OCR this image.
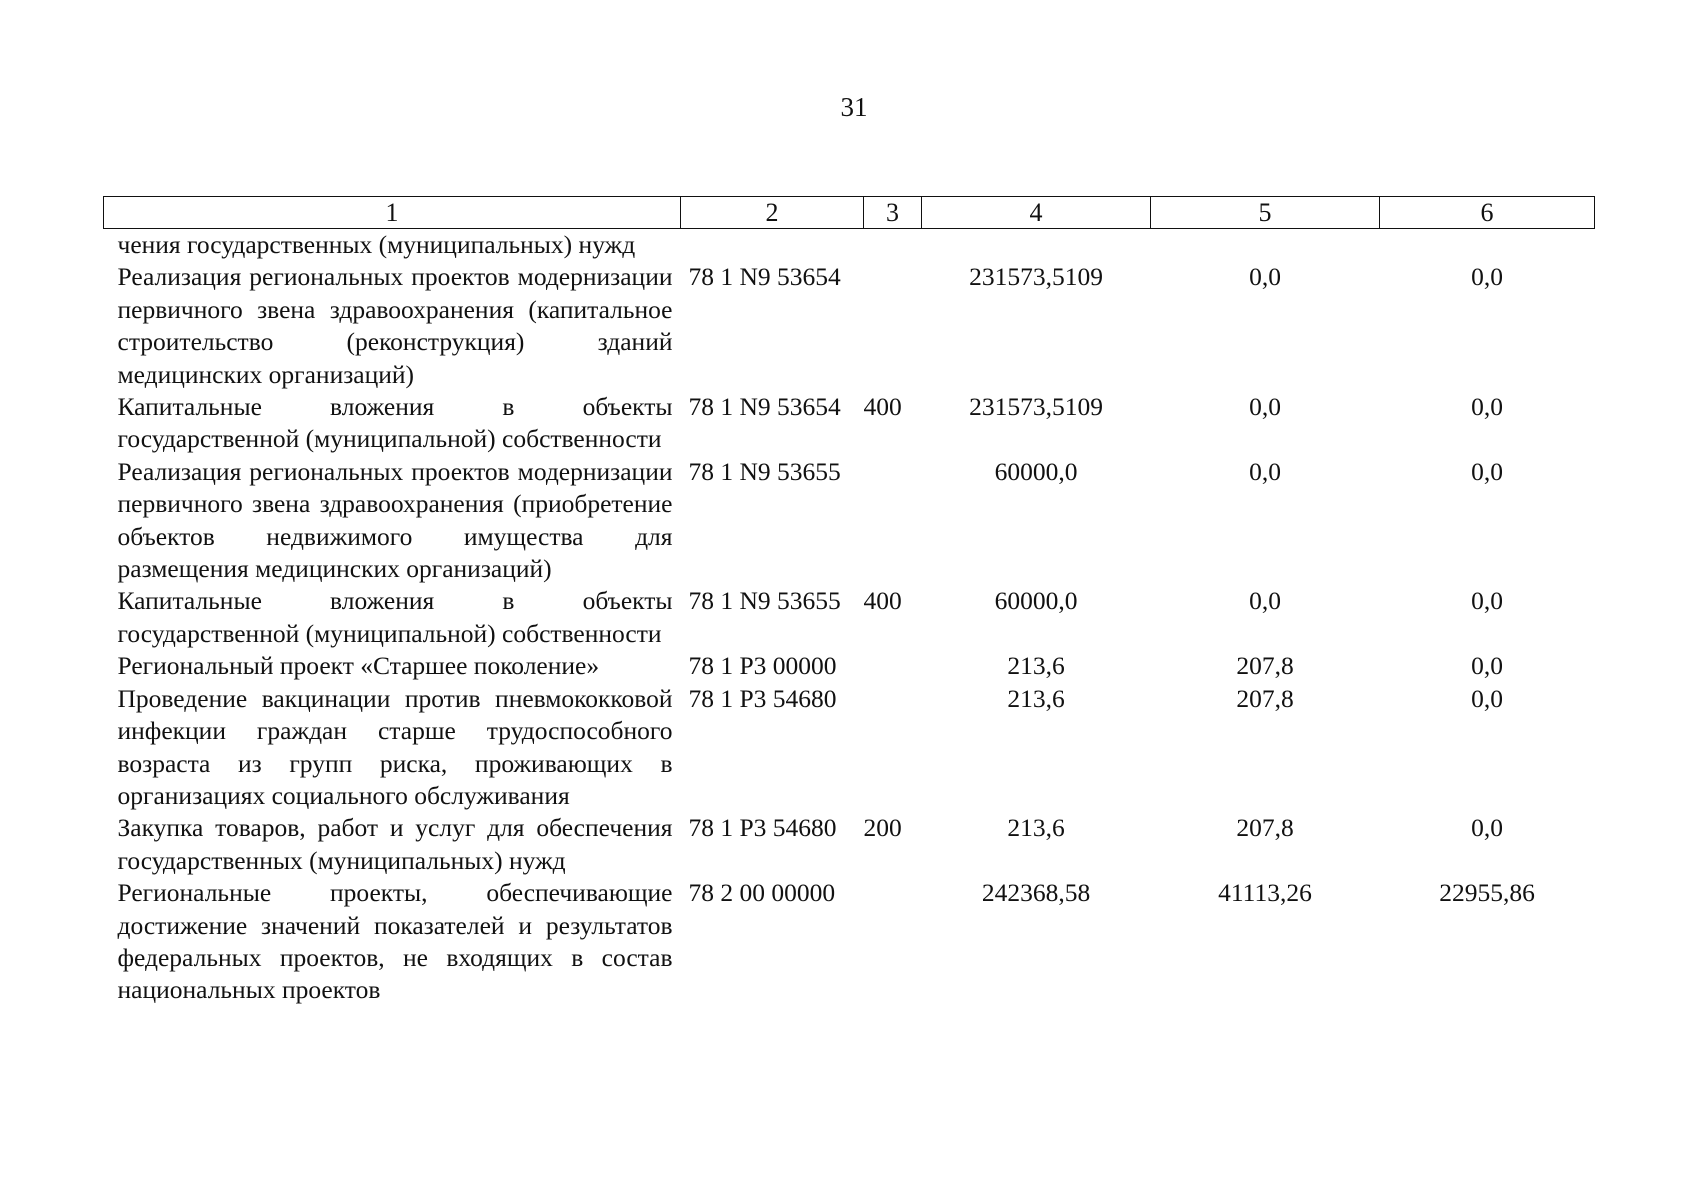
31
1	2	3	4	5	6
чения государственных (муниципальных) нужд					
Реализация региональных проектов модернизации первичного звена здравоохранения (капитальное строительство (реконструкция) зданий медицинских организаций)	78 1 N9 53654		231573,5109	0,0	0,0
Капитальные вложения в объекты государственной (муниципальной) собственности	78 1 N9 53654	400	231573,5109	0,0	0,0
Реализация региональных проектов модернизации первичного звена здравоохранения (приобретение объектов недвижимого имущества для размещения медицинских организаций)	78 1 N9 53655		60000,0	0,0	0,0
Капитальные вложения в объекты государственной (муниципальной) собственности	78 1 N9 53655	400	60000,0	0,0	0,0
Региональный проект «Старшее поколение»	78 1 P3 00000		213,6	207,8	0,0
Проведение вакцинации против пневмококковой инфекции граждан старше трудоспособного возраста из групп риска, проживающих в организациях социального обслуживания	78 1 P3 54680		213,6	207,8	0,0
Закупка товаров, работ и услуг для обеспечения государственных (муниципальных) нужд	78 1 P3 54680	200	213,6	207,8	0,0
Региональные проекты, обеспечивающие достижение значений показателей и результатов федеральных проектов, не входящих в состав национальных проектов	78 2 00 00000		242368,58	41113,26	22955,86
